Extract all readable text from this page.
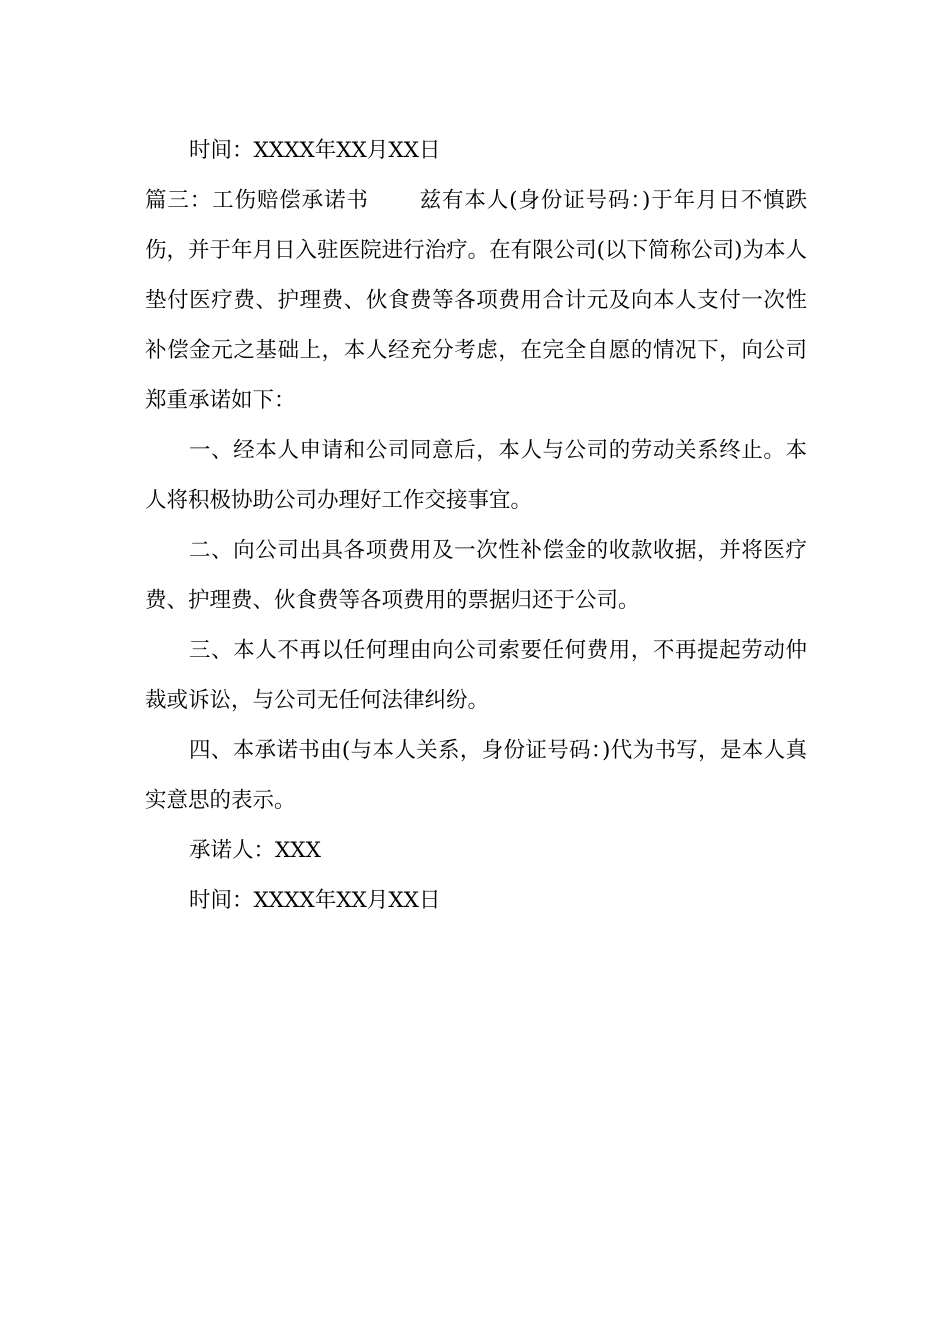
时间：XXXX年XX月XX日

篇三：工伤赔偿承诺书 兹有本人(身份证号码：)于年月日不慎跌伤，并于年月日入驻医院进行治疗。在有限公司(以下简称公司)为本人垫付医疗费、护理费、伙食费等各项费用合计元及向本人支付一次性补偿金元之基础上，本人经充分考虑，在完全自愿的情况下，向公司郑重承诺如下：

一、经本人申请和公司同意后，本人与公司的劳动关系终止。本人将积极协助公司办理好工作交接事宜。

二、向公司出具各项费用及一次性补偿金的收款收据，并将医疗费、护理费、伙食费等各项费用的票据归还于公司。

三、本人不再以任何理由向公司索要任何费用，不再提起劳动仲裁或诉讼，与公司无任何法律纠纷。

四、本承诺书由(与本人关系，身份证号码：)代为书写，是本人真实意思的表示。

承诺人：XXX

时间：XXXX年XX月XX日
